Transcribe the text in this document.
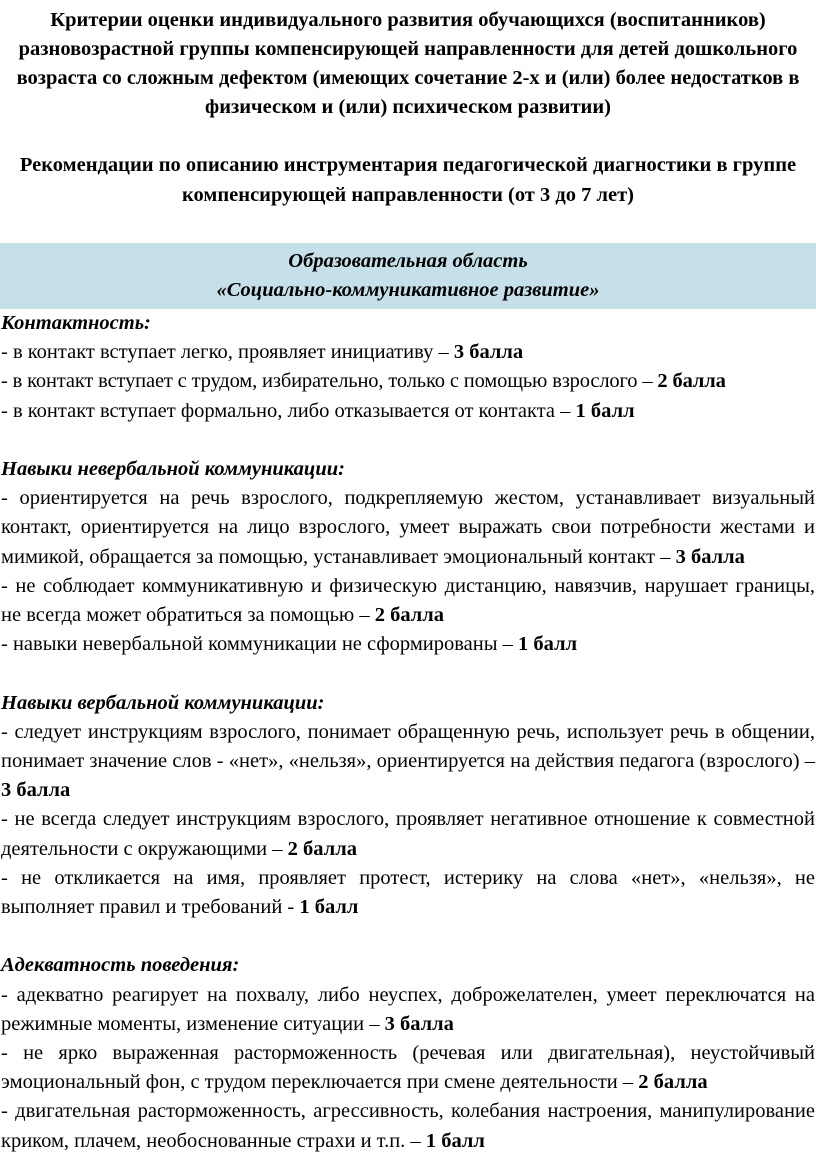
Критерии оценки индивидуального развития обучающихся (воспитанников) разновозрастной группы компенсирующей направленности для детей дошкольного возраста со сложным дефектом (имеющих сочетание 2-х и (или) более недостатков в физическом и (или) психическом развитии)

Рекомендации по описанию инструментария педагогической диагностики в группе компенсирующей направленности (от 3 до 7 лет)

Образовательная область
«Социально-коммуникативное развитие»

Контактность:

- в контакт вступает легко, проявляет инициативу – 3 балла

- в контакт вступает с трудом, избирательно, только с помощью взрослого – 2 балла

- в контакт вступает формально, либо отказывается от контакта – 1 балл

Навыки невербальной коммуникации:

- ориентируется на речь взрослого, подкрепляемую жестом, устанавливает визуальный контакт, ориентируется на лицо взрослого, умеет выражать свои потребности жестами и мимикой, обращается за помощью, устанавливает эмоциональный контакт – 3 балла

- не соблюдает коммуникативную и физическую дистанцию, навязчив, нарушает границы, не всегда может обратиться за помощью – 2 балла

- навыки невербальной коммуникации не сформированы – 1 балл

Навыки вербальной коммуникации:

- следует инструкциям взрослого, понимает обращенную речь, использует речь в общении, понимает значение слов - «нет», «нельзя», ориентируется на действия педагога (взрослого) – 3 балла

- не всегда следует инструкциям взрослого, проявляет негативное отношение к совместной деятельности с окружающими – 2 балла

- не откликается на имя, проявляет протест, истерику на слова «нет», «нельзя», не выполняет правил и требований - 1 балл

Адекватность поведения:

- адекватно реагирует на похвалу, либо неуспех, доброжелателен, умеет переключатся на режимные моменты, изменение ситуации – 3 балла

- не ярко выраженная расторможенность (речевая или двигательная), неустойчивый эмоциональный фон, с трудом переключается при смене деятельности – 2 балла

- двигательная расторможенность, агрессивность, колебания настроения, манипулирование криком, плачем, необоснованные страхи и т.п. – 1 балл
